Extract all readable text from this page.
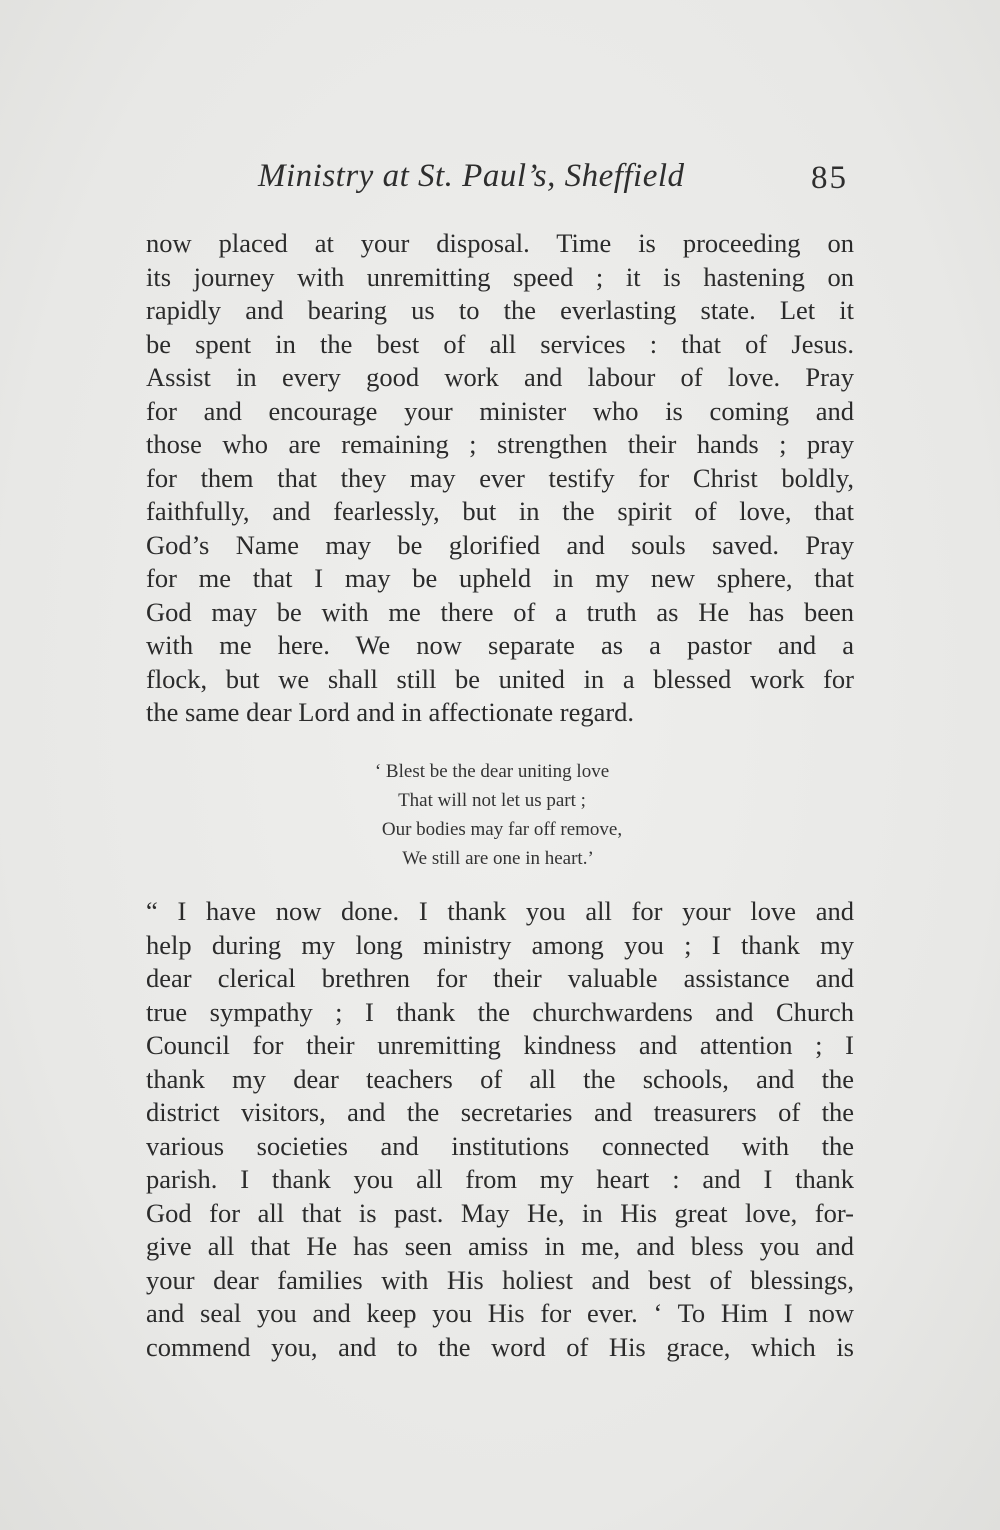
Ministry at St. Paul’s, Sheffield	85

now placed at your disposal. Time is proceeding on
its journey with unremitting speed ; it is hastening on
rapidly and bearing us to the everlasting state. Let it
be spent in the best of all services : that of Jesus.
Assist in every good work and labour of love. Pray
for and encourage your minister who is coming and
those who are remaining ; strengthen their hands ; pray
for them that they may ever testify for Christ boldly,
faithfully, and fearlessly, but in the spirit of love, that
God’s Name may be glorified and souls saved. Pray
for me that I may be upheld in my new sphere, that
God may be with me there of a truth as He has been
with me here. We now separate as a pastor and a
flock, but we shall still be united in a blessed work for
the same dear Lord and in affectionate regard.

‘ Blest be the dear uniting love
That will not let us part ;
Our bodies may far off remove,
We still are one in heart.’

“ I have now done. I thank you all for your love and
help during my long ministry among you ; I thank my
dear clerical brethren for their valuable assistance and
true sympathy ; I thank the churchwardens and Church
Council for their unremitting kindness and attention ; I
thank my dear teachers of all the schools, and the
district visitors, and the secretaries and treasurers of the
various societies and institutions connected with the
parish. I thank you all from my heart : and I thank
God for all that is past. May He, in His great love, for-
give all that He has seen amiss in me, and bless you and
your dear families with His holiest and best of blessings,
and seal you and keep you His for ever. ‘ To Him I now
commend you, and to the word of His grace, which is
